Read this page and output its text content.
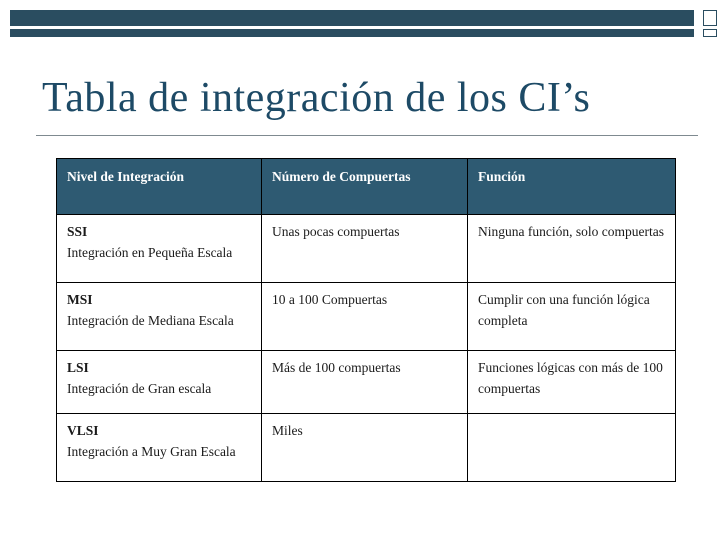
Tabla de integración de los CI’s
Nivel de Integración	Número de Compuertas	Función

SSI
Integración en Pequeña Escala	Unas pocas compuertas	Ninguna función, solo compuertas

MSI
Integración de Mediana Escala	10 a 100 Compuertas	Cumplir con una función lógica completa

LSI
Integración de Gran escala	Más de 100 compuertas	Funciones lógicas con más de 100 compuertas

VLSI
Integración a Muy Gran Escala	Miles	
